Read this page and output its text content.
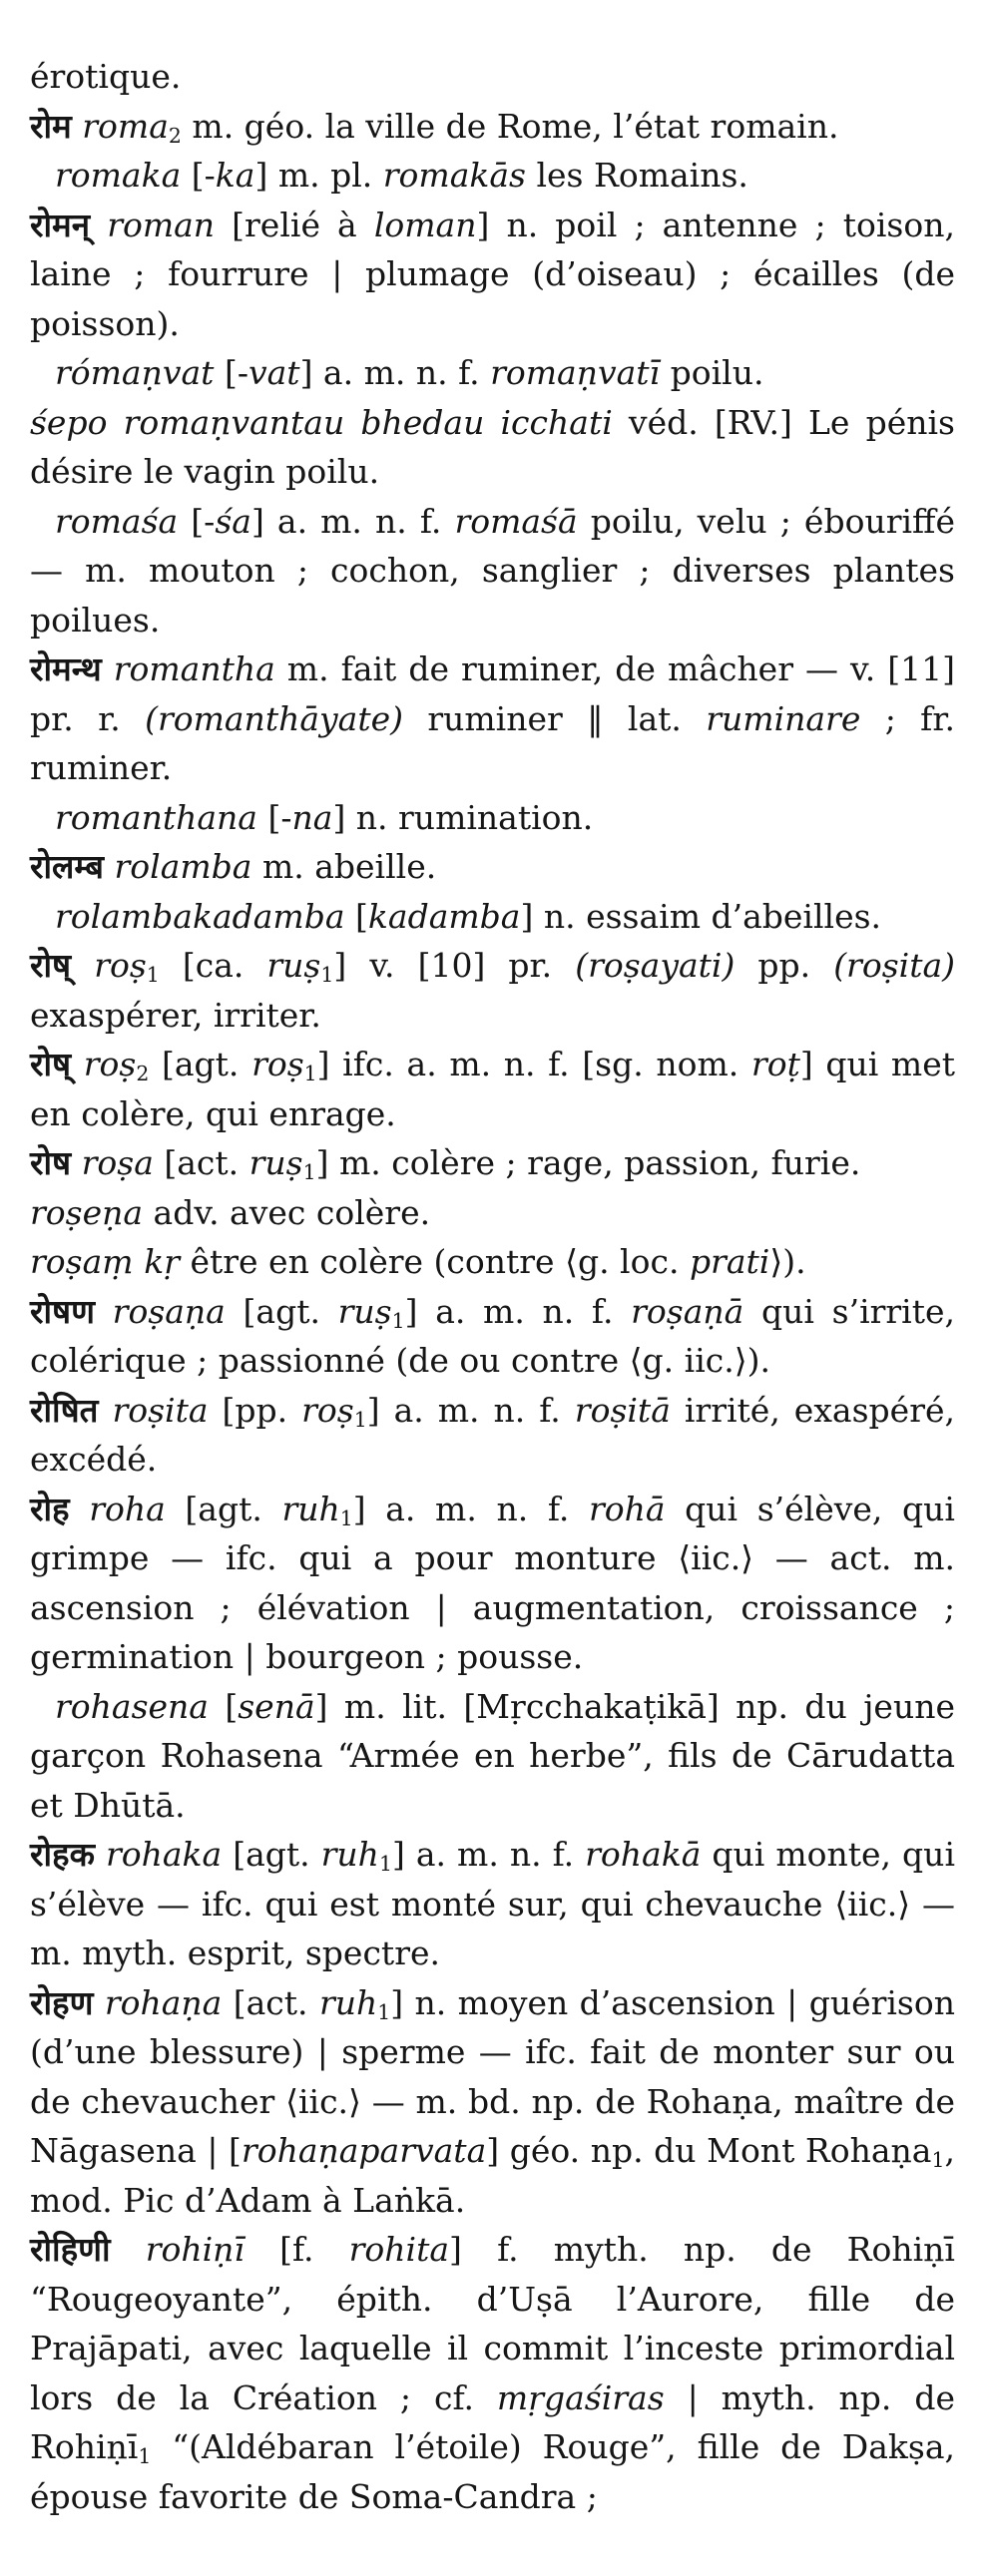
érotique.

रोम roma$_2$ m. géo. la ville de Rome, l’état romain.

romaka [-ka] m. pl. romakās les Romains.

रोमन् roman [relié à loman] n. poil ; antenne ; toison, laine ; fourrure | plumage (d’oiseau) ; écailles (de poisson).

rómaṇvat [-vat] a. m. n. f. romaṇvatī poilu.

śepo romaṇvantau bhedau icchati véd. [RV.] Le pénis désire le vagin poilu.

romaśa [-śa] a. m. n. f. romaśā poilu, velu ; ébouriffé — m. mouton ; cochon, sanglier ; diverses plantes poilues.

रोमन्थ romantha m. fait de ruminer, de mâcher — v. [11] pr. r. (romanthāyate) ruminer ‖ lat. ruminare ; fr. ruminer.

romanthana [-na] n. rumination.

रोलम्ब rolamba m. abeille.

rolambakadamba [kadamba] n. essaim d’abeilles.

रोष् roṣ$_1$ [ca. ruṣ$_1$] v. [10] pr. (roṣayati) pp. (roṣita) exaspérer, irriter.

रोष् roṣ$_2$ [agt. roṣ$_1$] ifc. a. m. n. f. [sg. nom. roṭ] qui met en colère, qui enrage.

रोष roṣa [act. ruṣ$_1$] m. colère ; rage, passion, furie.

roṣeṇa adv. avec colère.

roṣaṃ kṛ être en colère (contre ⟨g. loc. prati⟩).

रोषण roṣaṇa [agt. ruṣ$_1$] a. m. n. f. roṣaṇā qui s’irrite, colérique ; passionné (de ou contre ⟨g. iic.⟩).

रोषित roṣita [pp. roṣ$_1$] a. m. n. f. roṣitā irrité, exaspéré, excédé.

रोह roha [agt. ruh$_1$] a. m. n. f. rohā qui s’élève, qui grimpe — ifc. qui a pour monture ⟨iic.⟩ — act. m. ascension ; élévation | augmentation, croissance ; germination | bourgeon ; pousse.

rohasena [senā] m. lit. [Mṛcchakaṭikā] np. du jeune garçon Rohasena “Armée en herbe”, fils de Cārudatta et Dhūtā.

रोहक rohaka [agt. ruh$_1$] a. m. n. f. rohakā qui monte, qui s’élève — ifc. qui est monté sur, qui chevauche ⟨iic.⟩ — m. myth. esprit, spectre.

रोहण rohaṇa [act. ruh$_1$] n. moyen d’ascension | guérison (d’une blessure) | sperme — ifc. fait de monter sur ou de chevaucher ⟨iic.⟩ — m. bd. np. de Rohaṇa, maître de Nāgasena | [rohaṇaparvata] géo. np. du Mont Rohaṇa$_1$, mod. Pic d’Adam à Laṅkā.

रोहिणी rohiṇī [f. rohita] f. myth. np. de Rohiṇī “Rougeoyante”, épith. d’Uṣā l’Aurore, fille de Prajāpati, avec laquelle il commit l’inceste primordial lors de la Création ; cf. mṛgaśiras | myth. np. de Rohiṇī$_1$ “(Aldébaran l’étoile) Rouge”, fille de Dakṣa, épouse favorite de Soma-Candra ;
